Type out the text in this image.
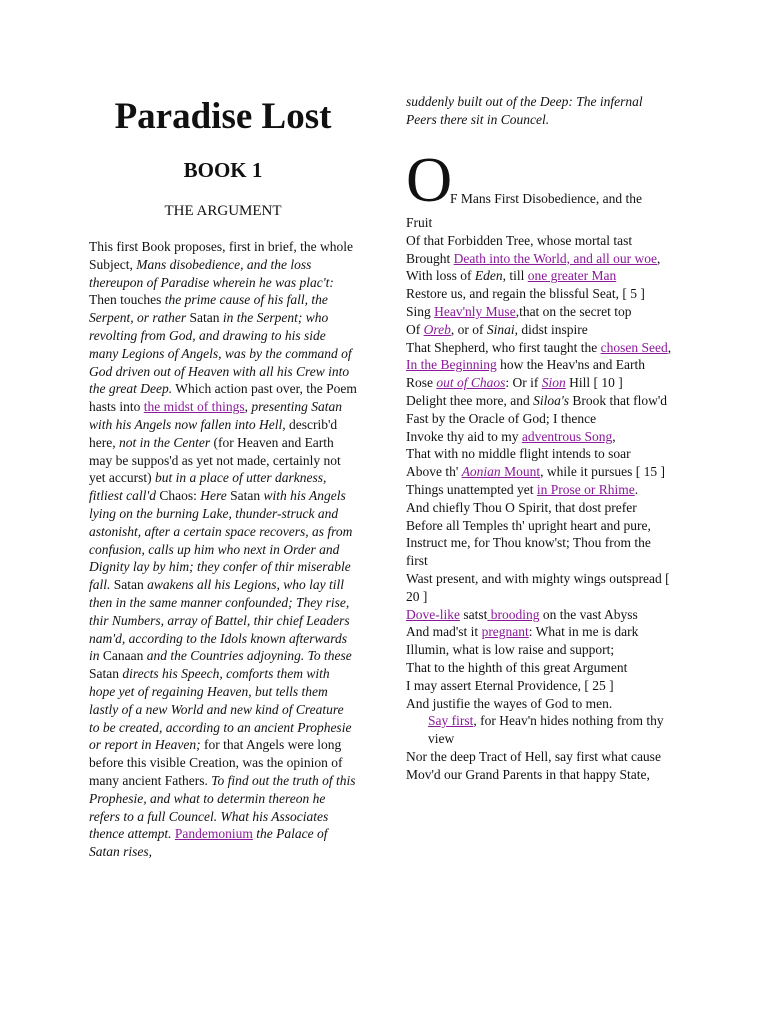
Paradise Lost
BOOK 1
THE ARGUMENT

This first Book proposes, first in brief, the whole Subject, Mans disobedience, and the loss thereupon of Paradise wherein he was plac't: Then touches the prime cause of his fall, the Serpent, or rather Satan in the Serpent; who revolting from God, and drawing to his side many Legions of Angels, was by the command of God driven out of Heaven with all his Crew into the great Deep. Which action past over, the Poem hasts into the midst of things, presenting Satan with his Angels now fallen into Hell, describ'd here, not in the Center (for Heaven and Earth may be suppos'd as yet not made, certainly not yet accurst) but in a place of utter darkness, fitliest call'd Chaos: Here Satan with his Angels lying on the burning Lake, thunder-struck and astonisht, after a certain space recovers, as from confusion, calls up him who next in Order and Dignity lay by him; they confer of thir miserable fall. Satan awakens all his Legions, who lay till then in the same manner confounded; They rise, thir Numbers, array of Battel, thir chief Leaders nam'd, according to the Idols known afterwards in Canaan and the Countries adjoyning. To these Satan directs his Speech, comforts them with hope yet of regaining Heaven, but tells them lastly of a new World and new kind of Creature to be created, according to an ancient Prophesie or report in Heaven; for that Angels were long before this visible Creation, was the opinion of many ancient Fathers. To find out the truth of this Prophesie, and what to determin thereon he refers to a full Councel. What his Associates thence attempt. Pandemonium the Palace of Satan rises,

suddenly built out of the Deep: The infernal Peers there sit in Councel.

O
F Mans First Disobedience, and the
Fruit
Of that Forbidden Tree, whose mortal tast
Brought Death into the World, and all our woe,
With loss of Eden, till one greater Man
Restore us, and regain the blissful Seat, [ 5 ]
Sing Heav'nly Muse,that on the secret top
Of Oreb, or of Sinai, didst inspire
That Shepherd, who first taught the chosen Seed,
In the Beginning how the Heav'ns and Earth
Rose out of Chaos: Or if Sion Hill [ 10 ]
Delight thee more, and Siloa's Brook that flow'd
Fast by the Oracle of God; I thence
Invoke thy aid to my adventrous Song,
That with no middle flight intends to soar
Above th' Aonian Mount, while it pursues [ 15 ]
Things unattempted yet in Prose or Rhime.
And chiefly Thou O Spirit, that dost prefer
Before all Temples th' upright heart and pure,
Instruct me, for Thou know'st; Thou from the first
Wast present, and with mighty wings outspread [ 20 ]
Dove-like satst brooding on the vast Abyss
And mad'st it pregnant: What in me is dark
Illumin, what is low raise and support;
That to the highth of this great Argument
I may assert Eternal Providence, [ 25 ]
And justifie the wayes of God to men.
Say first, for Heav'n hides nothing from thy view
Nor the deep Tract of Hell, say first what cause
Mov'd our Grand Parents in that happy State,
